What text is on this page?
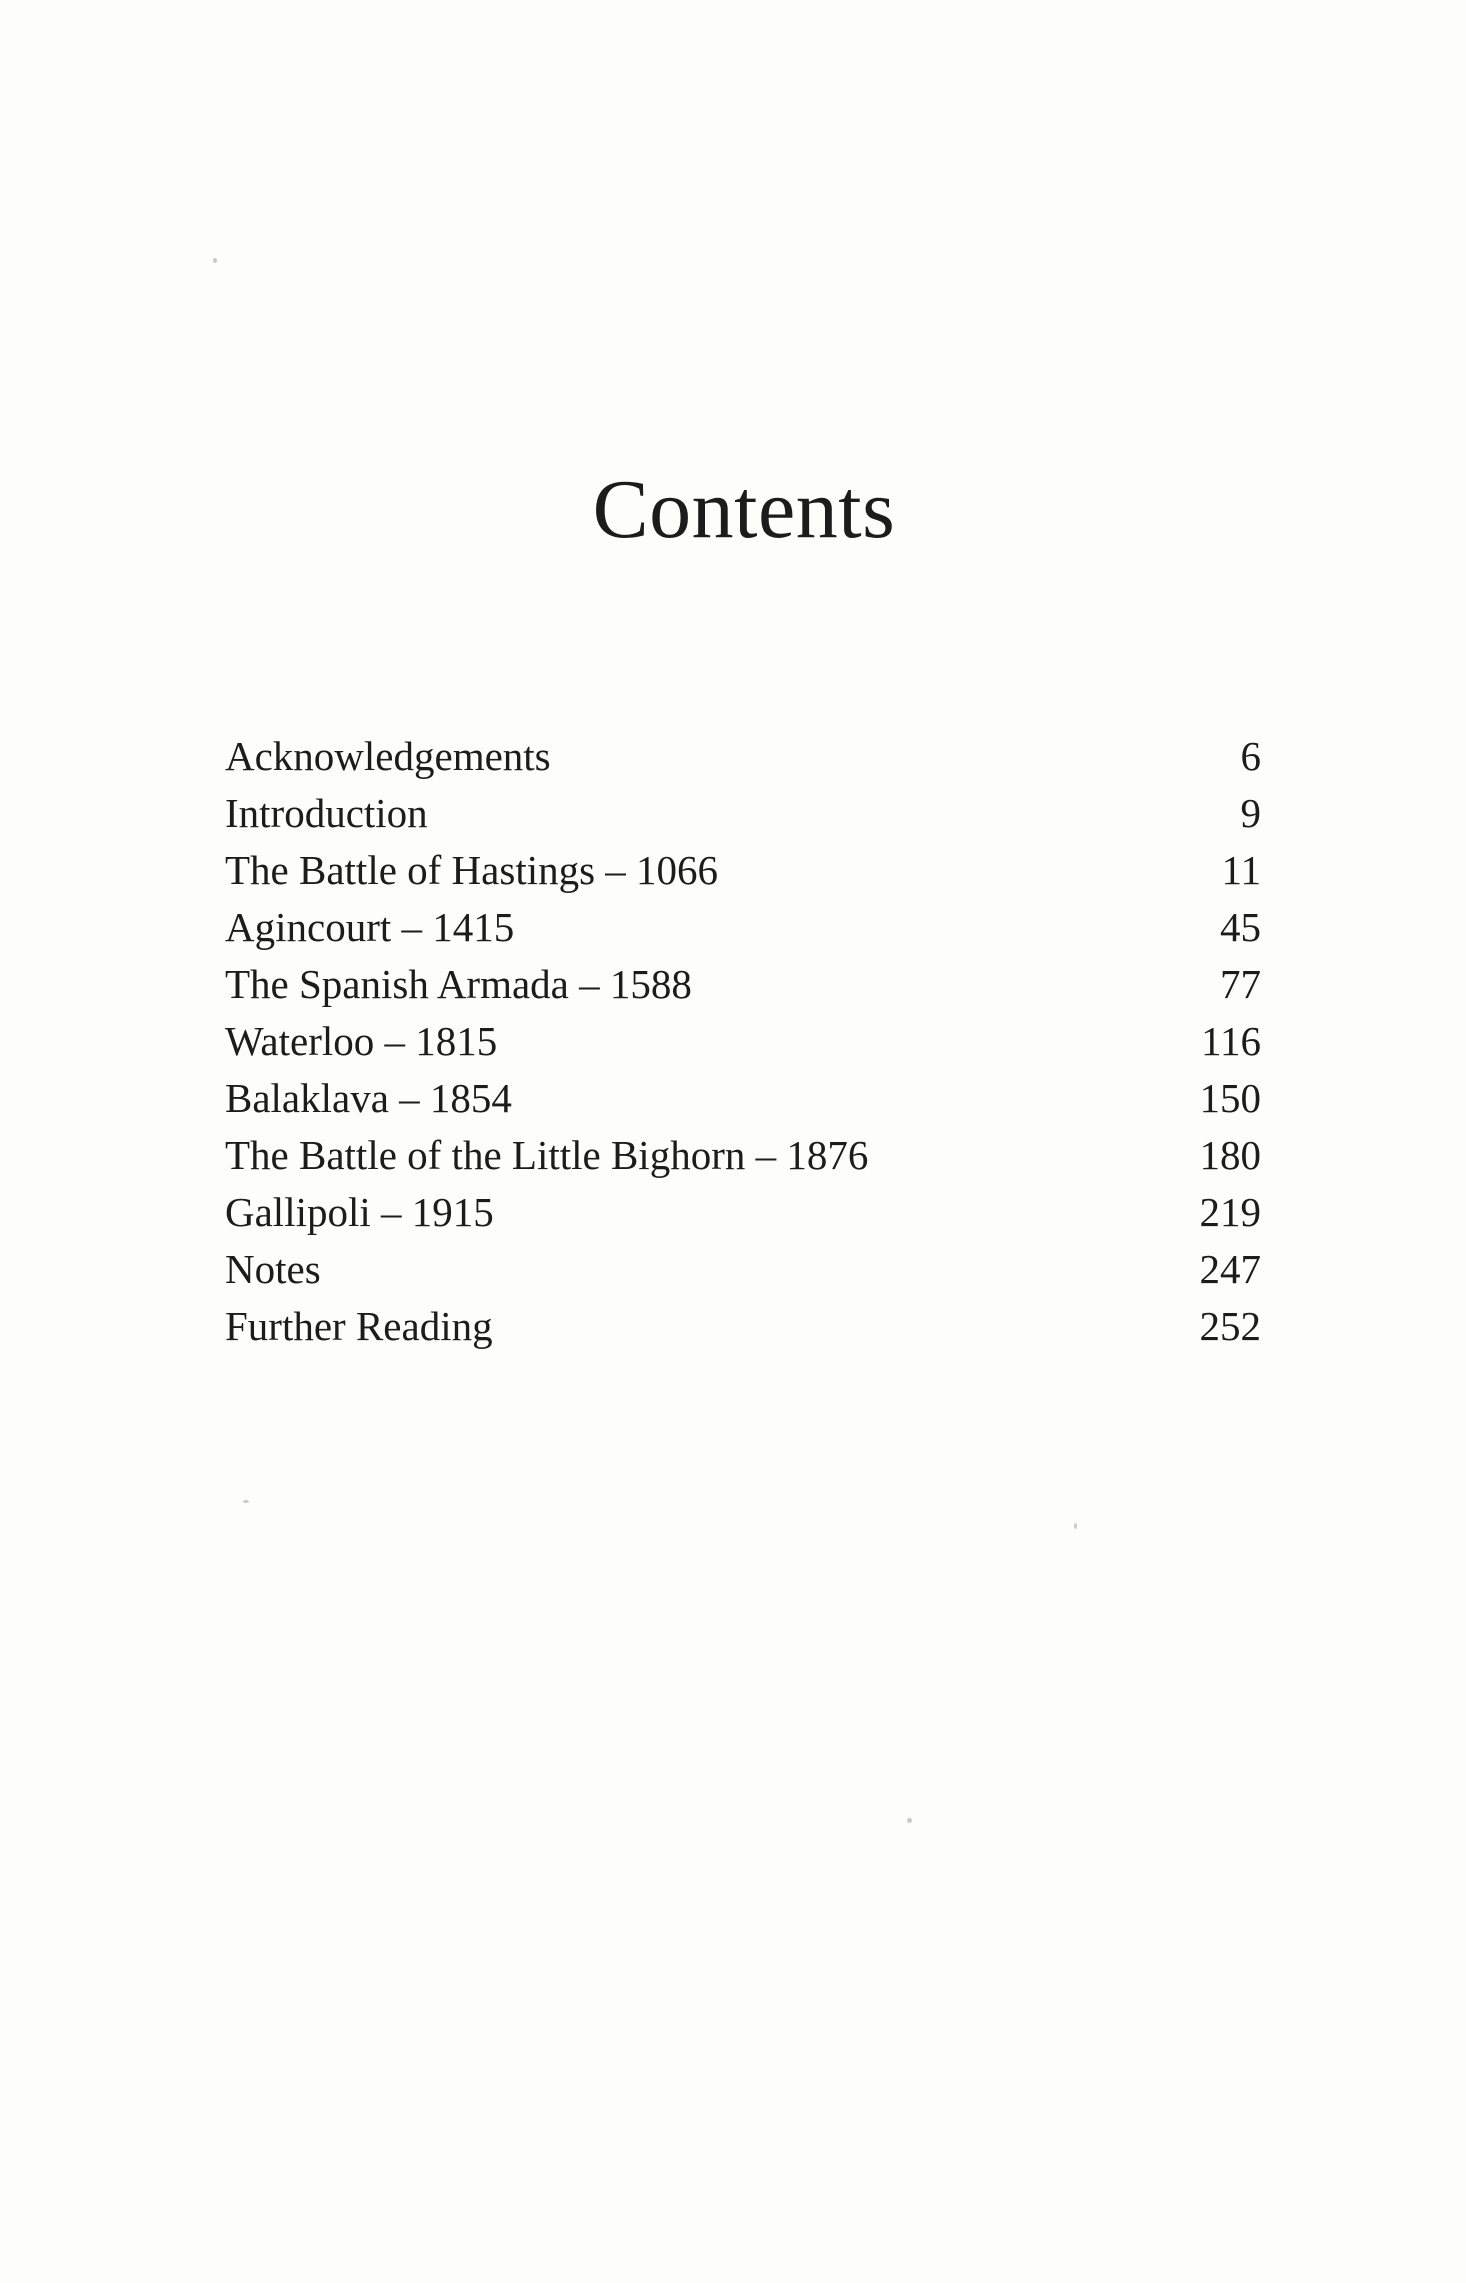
Contents
Acknowledgements	6
Introduction	9
The Battle of Hastings – 1066	11
Agincourt – 1415	45
The Spanish Armada – 1588	77
Waterloo – 1815	116
Balaklava – 1854	150
The Battle of the Little Bighorn – 1876	180
Gallipoli – 1915	219
Notes	247
Further Reading	252
